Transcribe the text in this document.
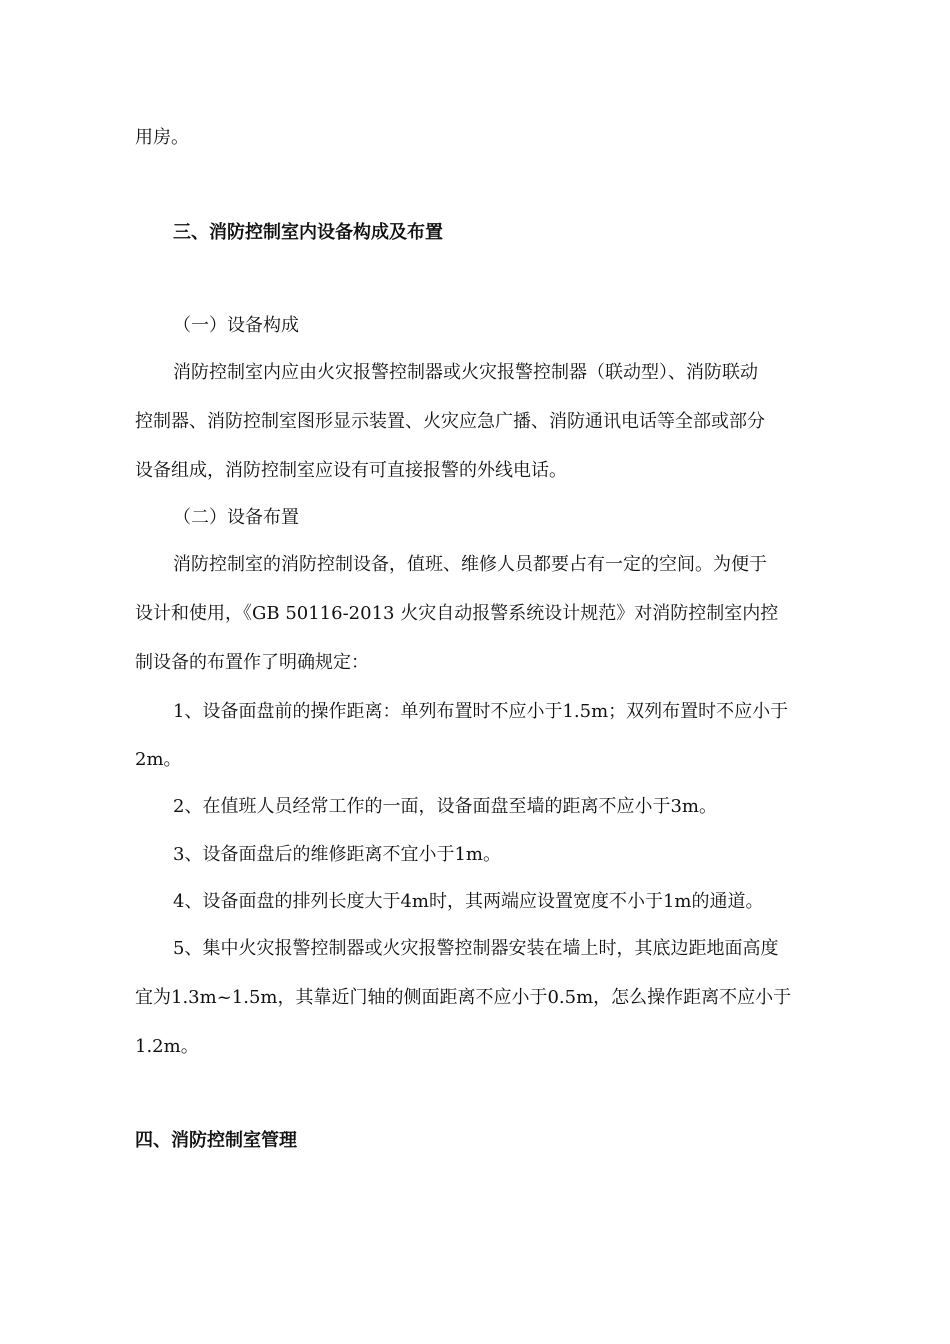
用房。
三、消防控制室内设备构成及布置
（一）设备构成
消防控制室内应由火灾报警控制器或火灾报警控制器（联动型）、消防联动
控制器、消防控制室图形显示装置、火灾应急广播、消防通讯电话等全部或部分
设备组成，消防控制室应设有可直接报警的外线电话。
（二）设备布置
消防控制室的消防控制设备，值班、维修人员都要占有一定的空间。为便于
设计和使用，《GB 50116-2013 火灾自动报警系统设计规范》对消防控制室内控
制设备的布置作了明确规定：
1、设备面盘前的操作距离：单列布置时不应小于1.5m；双列布置时不应小于
2m。
2、在值班人员经常工作的一面，设备面盘至墙的距离不应小于3m。
3、设备面盘后的维修距离不宜小于1m。
4、设备面盘的排列长度大于4m时，其两端应设置宽度不小于1m的通道。
5、集中火灾报警控制器或火灾报警控制器安装在墙上时，其底边距地面高度
宜为1.3m~1.5m，其靠近门轴的侧面距离不应小于0.5m，怎么操作距离不应小于
1.2m。
四、消防控制室管理
